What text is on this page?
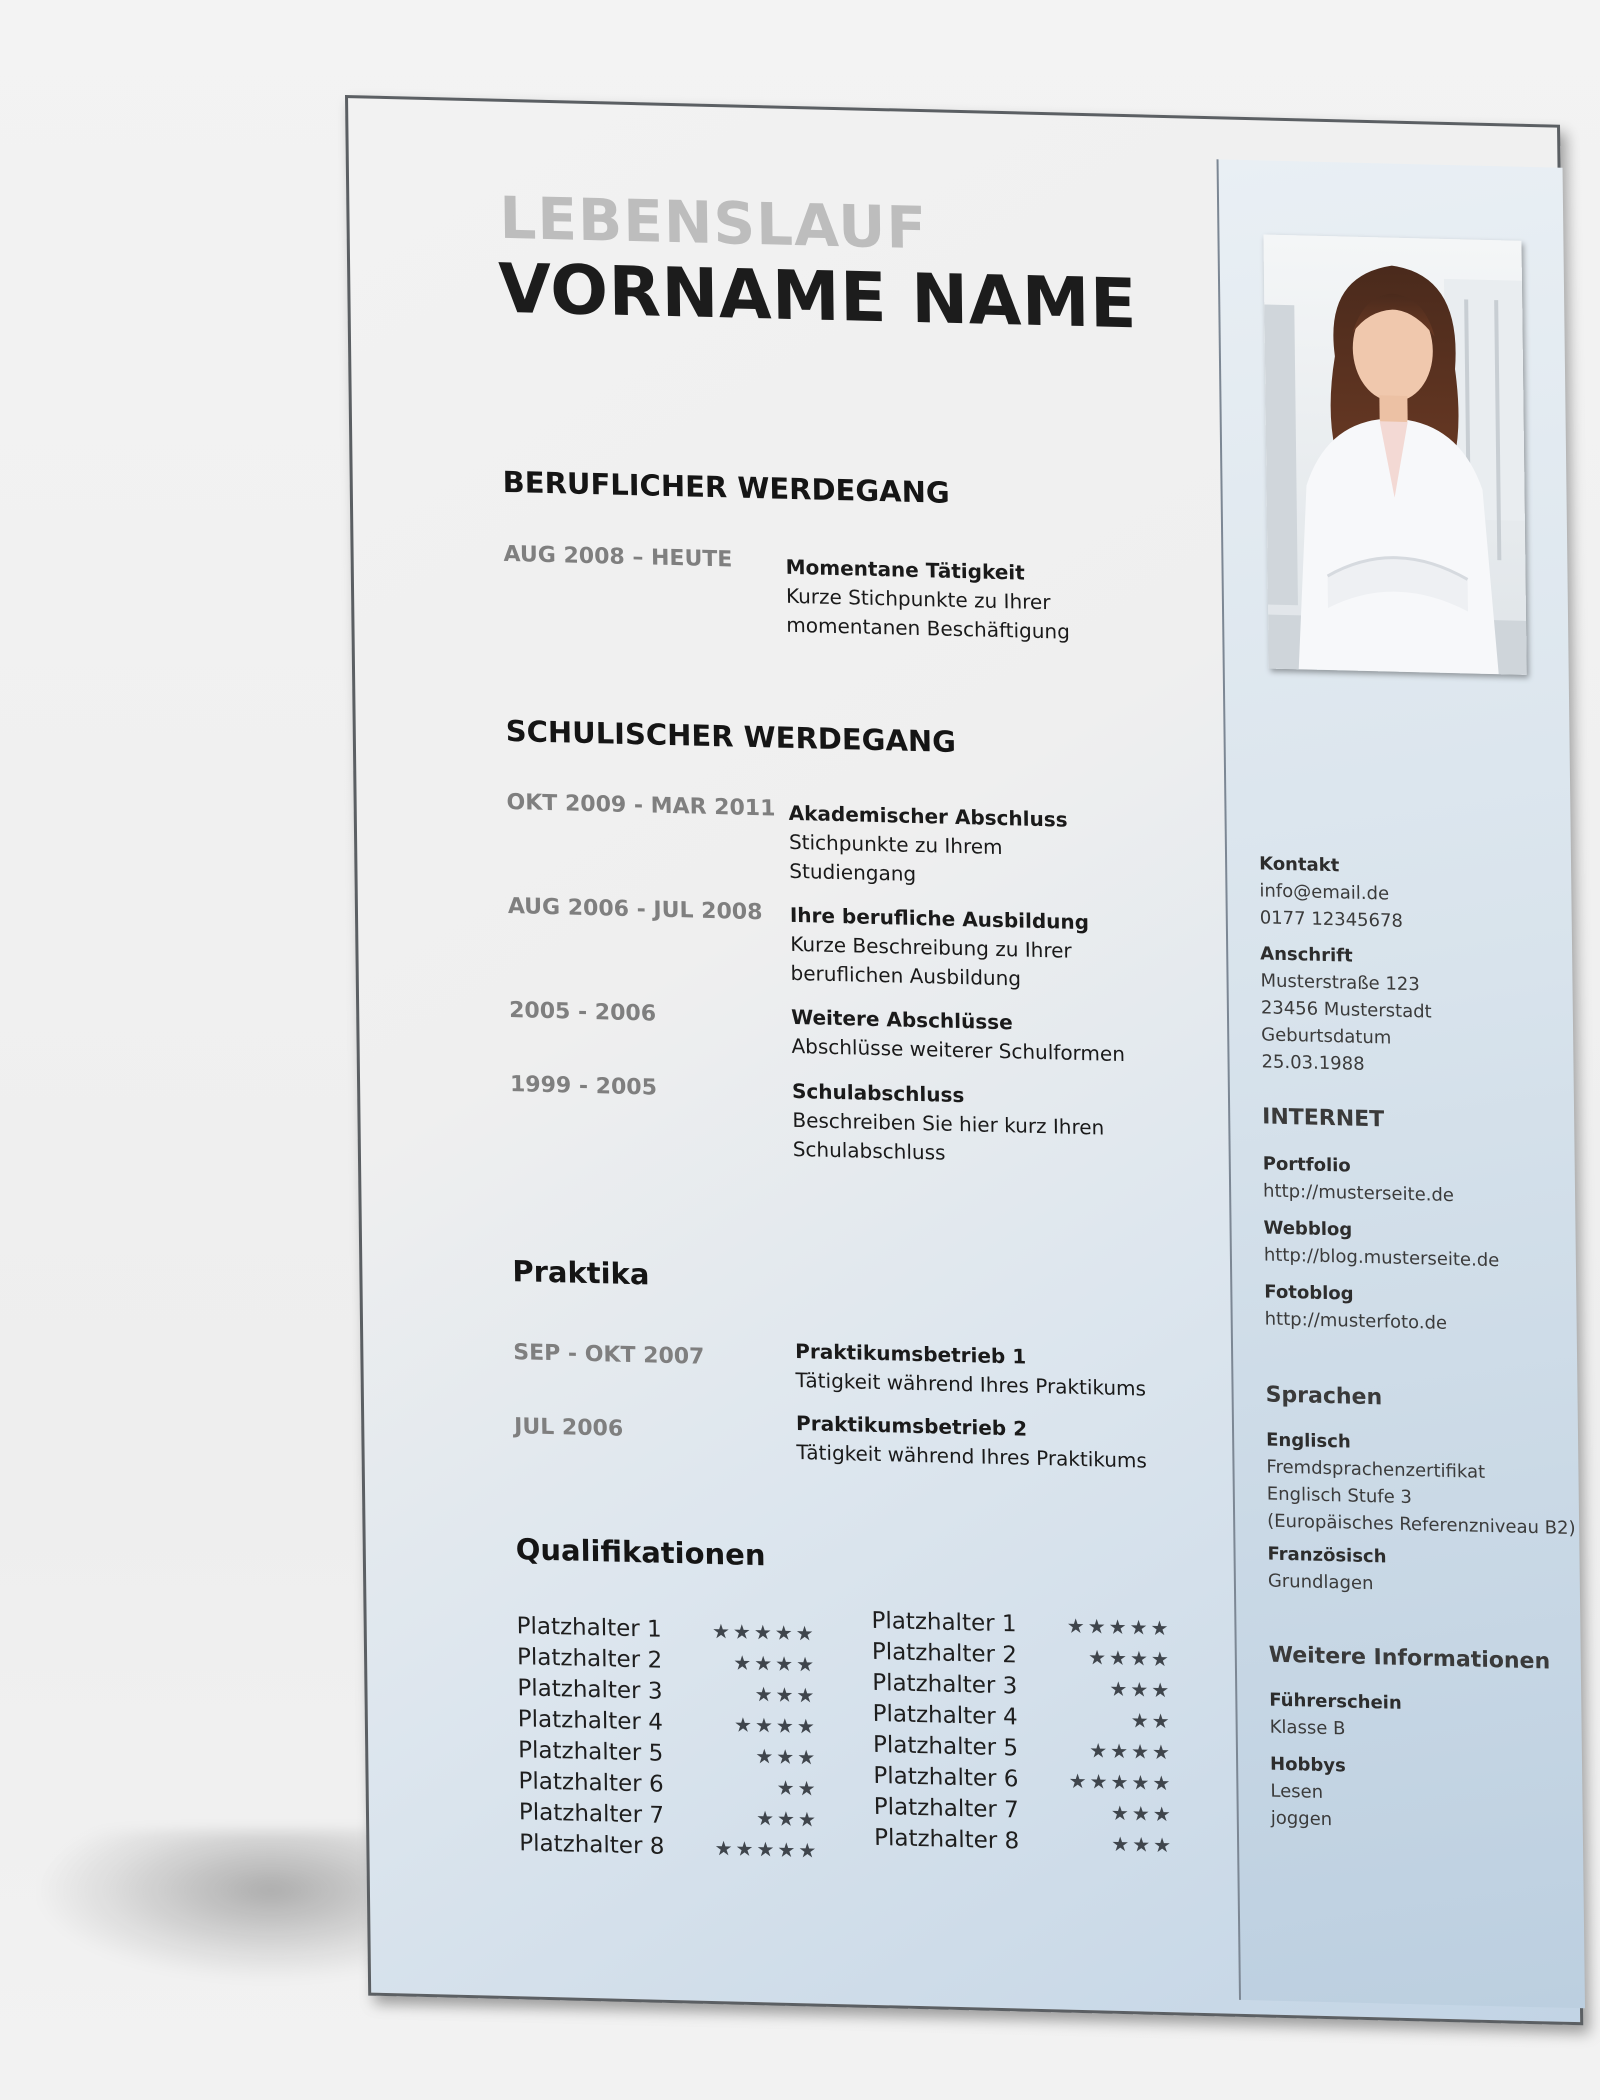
LEBENSLAUF
VORNAME NAME
BERUFLICHER WERDEGANG
AUG 2008 – HEUTE	Momentane Tätigkeit
Kurze Stichpunkte zu Ihrer
momentanen Beschäftigung
SCHULISCHER WERDEGANG
OKT 2009 - MAR 2011 Akademischer Abschluss
Stichpunkte zu Ihrem
Studiengang
AUG 2006 - JUL 2008 Ihre berufliche Ausbildung
Kurze Beschreibung zu Ihrer
beruflichen Ausbildung
2005 - 2006	Weitere Abschlüsse
Abschlüsse weiterer Schulformen
1999 - 2005	Schulabschluss
Beschreiben Sie hier kurz Ihren
Schulabschluss
Praktika
SEP - OKT 2007	Praktikumsbetrieb 1
Tätigkeit während Ihres Praktikums
JUL 2006	Praktikumsbetrieb 2
Tätigkeit während Ihres Praktikums
Qualifikationen
Platzhalter 1 ★★★★★
Platzhalter 2	★★★★
Platzhalter 3	★★★
Platzhalter 4	★★★★
Platzhalter 5	★★★
Platzhalter 6	★★
Platzhalter 7	★★★
Platzhalter 8 ★★★★★
Platzhalter 1 ★★★★★
Platzhalter 2	★★★★
Platzhalter 3	★★★
Platzhalter 4	★★
Platzhalter 5	★★★★
Platzhalter 6 ★★★★★
Platzhalter 7	★★★
Platzhalter 8	★★★
Kontakt
info@email.de
0177 12345678
Anschrift
Musterstraße 123
23456 Musterstadt
Geburtsdatum
25.03.1988
INTERNET
Portfolio
http://musterseite.de
Webblog
http://blog.musterseite.de
Fotoblog
http://musterfoto.de
Sprachen
Englisch
Fremdsprachenzertifikat
Englisch Stufe 3
(Europäisches Referenzniveau B2)
Französisch
Grundlagen
Weitere Informationen
Führerschein
Klasse B
Hobbys
Lesen
joggen
